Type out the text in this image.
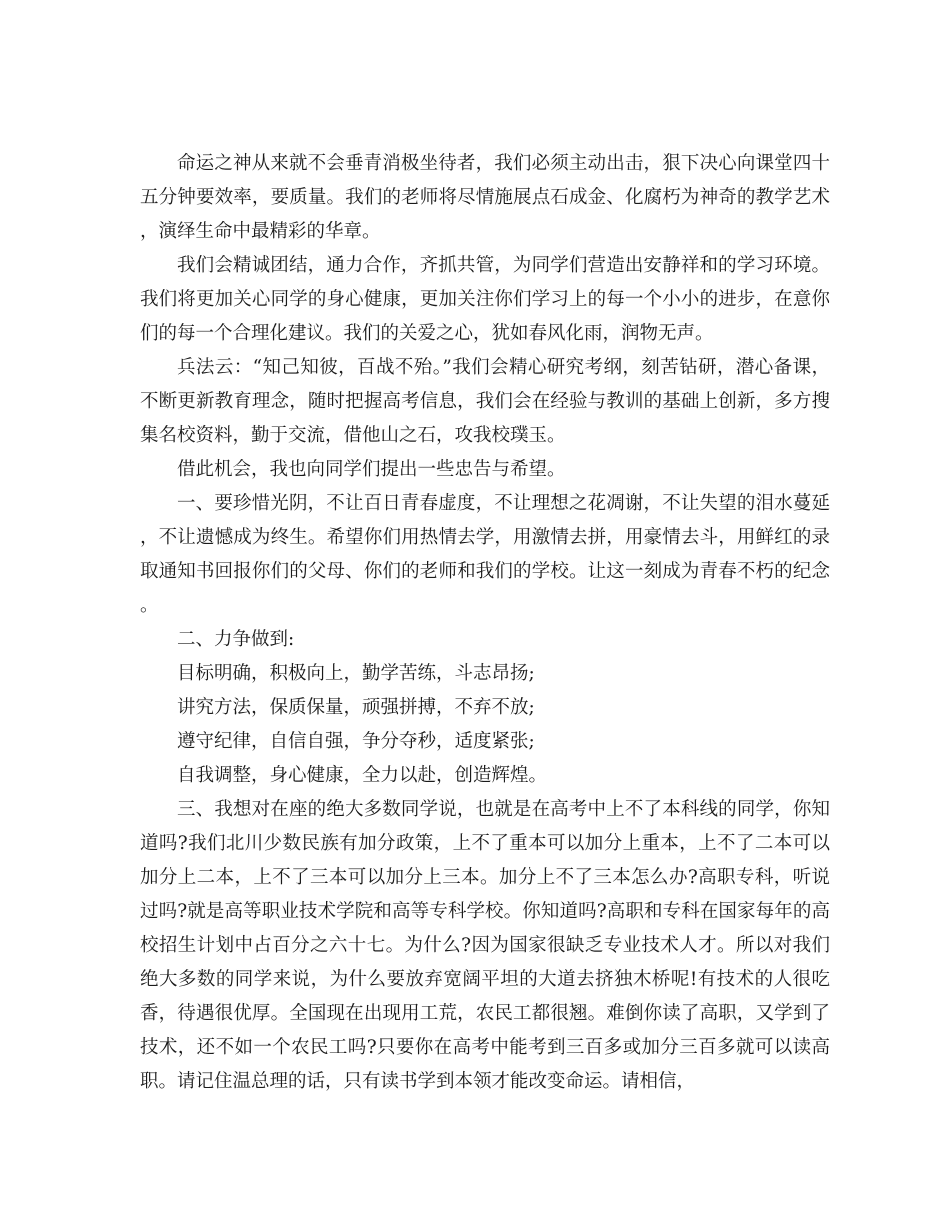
命运之神从来就不会垂青消极坐待者，我们必须主动出击，狠下决心向课堂四十五分钟要效率，要质量。我们的老师将尽情施展点石成金、化腐朽为神奇的教学艺术，演绎生命中最精彩的华章。

我们会精诚团结，通力合作，齐抓共管，为同学们营造出安静祥和的学习环境。我们将更加关心同学的身心健康，更加关注你们学习上的每一个小小的进步，在意你们的每一个合理化建议。我们的关爱之心，犹如春风化雨，润物无声。

兵法云：“知己知彼，百战不殆。”我们会精心研究考纲，刻苦钻研，潜心备课，不断更新教育理念，随时把握高考信息，我们会在经验与教训的基础上创新，多方搜集名校资料，勤于交流，借他山之石，攻我校璞玉。

借此机会，我也向同学们提出一些忠告与希望。

一、要珍惜光阴，不让百日青春虚度，不让理想之花凋谢，不让失望的泪水蔓延，不让遗憾成为终生。希望你们用热情去学，用激情去拼，用豪情去斗，用鲜红的录取通知书回报你们的父母、你们的老师和我们的学校。让这一刻成为青春不朽的纪念。

二、力争做到:

目标明确，积极向上，勤学苦练，斗志昂扬;

讲究方法，保质保量，顽强拼搏，不弃不放;

遵守纪律，自信自强，争分夺秒，适度紧张;

自我调整，身心健康，全力以赴，创造辉煌。

三、我想对在座的绝大多数同学说，也就是在高考中上不了本科线的同学，你知道吗?我们北川少数民族有加分政策，上不了重本可以加分上重本，上不了二本可以加分上二本，上不了三本可以加分上三本。加分上不了三本怎么办?高职专科，听说过吗?就是高等职业技术学院和高等专科学校。你知道吗?高职和专科在国家每年的高校招生计划中占百分之六十七。为什么?因为国家很缺乏专业技术人才。所以对我们绝大多数的同学来说，为什么要放弃宽阔平坦的大道去挤独木桥呢!有技术的人很吃香，待遇很优厚。全国现在出现用工荒，农民工都很翘。难倒你读了高职，又学到了技术，还不如一个农民工吗?只要你在高考中能考到三百多或加分三百多就可以读高职。请记住温总理的话，只有读书学到本领才能改变命运。请相信，
